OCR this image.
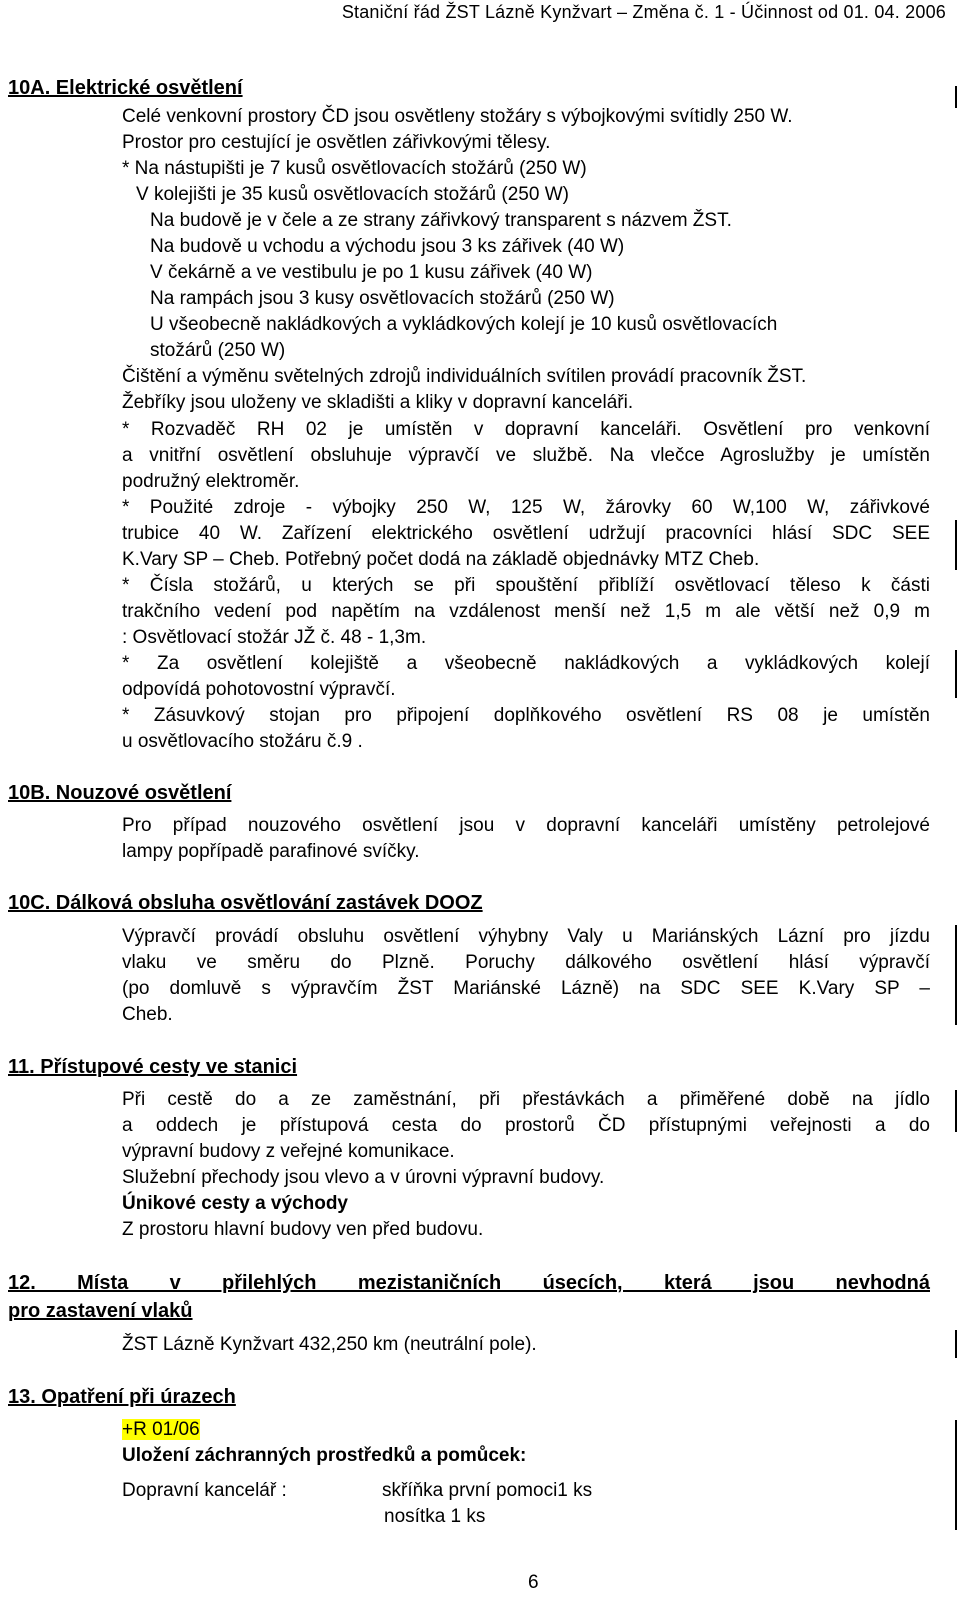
Staniční řád ŽST Lázně Kynžvart – Změna č. 1 - Účinnost od 01. 04. 2006
10A. Elektrické osvětlení
Celé venkovní prostory ČD jsou osvětleny stožáry s výbojkovými svítidly 250 W.
Prostor pro cestující je osvětlen zářivkovými tělesy.
* Na nástupišti je 7 kusů osvětlovacích stožárů (250 W)
V kolejišti je 35 kusů osvětlovacích stožárů (250 W)
Na budově je v čele a ze strany zářivkový transparent s názvem ŽST.
Na budově u vchodu a východu jsou 3 ks zářivek (40 W)
V čekárně a ve vestibulu je po 1 kusu zářivek (40 W)
Na rampách jsou 3 kusy osvětlovacích stožárů (250 W)
U všeobecně nakládkových a vykládkových kolejí je 10 kusů osvětlovacích
stožárů (250 W)
Čištění a výměnu světelných zdrojů individuálních svítilen provádí pracovník ŽST.
Žebříky jsou uloženy ve skladišti a kliky v dopravní kanceláři.
* Rozvaděč RH 02 je umístěn v dopravní kanceláři. Osvětlení pro venkovní
a vnitřní osvětlení obsluhuje výpravčí ve službě. Na vlečce Agroslužby je umístěn
podružný elektroměr.
* Použité zdroje - výbojky 250 W, 125 W, žárovky 60 W,100 W, zářivkové
trubice 40 W. Zařízení elektrického osvětlení udržují pracovníci hlásí SDC SEE
K.Vary SP – Cheb. Potřebný počet dodá na základě objednávky MTZ Cheb.
* Čísla stožárů, u kterých se při spouštění přiblíží osvětlovací těleso k části
trakčního vedení pod napětím na vzdálenost menší než 1,5 m ale větší než 0,9 m
: Osvětlovací stožár JŽ č. 48 - 1,3m.
* Za osvětlení kolejiště a všeobecně nakládkových a vykládkových kolejí
odpovídá pohotovostní výpravčí.
* Zásuvkový stojan pro připojení doplňkového osvětlení RS 08 je umístěn
u osvětlovacího stožáru č.9 .
10B. Nouzové osvětlení
Pro případ nouzového osvětlení jsou v dopravní kanceláři umístěny petrolejové
lampy popřípadě parafinové svíčky.
10C. Dálková obsluha osvětlování zastávek DOOZ
Výpravčí provádí obsluhu osvětlení výhybny Valy u Mariánských Lázní pro jízdu
vlaku ve směru do Plzně. Poruchy dálkového osvětlení hlásí výpravčí
(po domluvě s výpravčím ŽST Mariánské Lázně) na SDC SEE K.Vary SP –
Cheb.
11. Přístupové cesty ve stanici
Při cestě do a ze zaměstnání, při přestávkách a přiměřené době na jídlo
a oddech je přístupová cesta do prostorů ČD přístupnými veřejnosti a do
výpravní budovy z veřejné komunikace.
Služební přechody jsou vlevo a v úrovni výpravní budovy.
Únikové cesty a východy
Z prostoru hlavní budovy ven před budovu.
12. Místa v přilehlých mezistaničních úsecích, která jsou nevhodná
pro zastavení vlaků
ŽST Lázně Kynžvart 432,250 km (neutrální pole).
13. Opatření při úrazech
+R 01/06
Uložení záchranných prostředků a pomůcek:
Dopravní kancelář :	skříňka první pomoci1 ks
nosítka 1 ks
6
